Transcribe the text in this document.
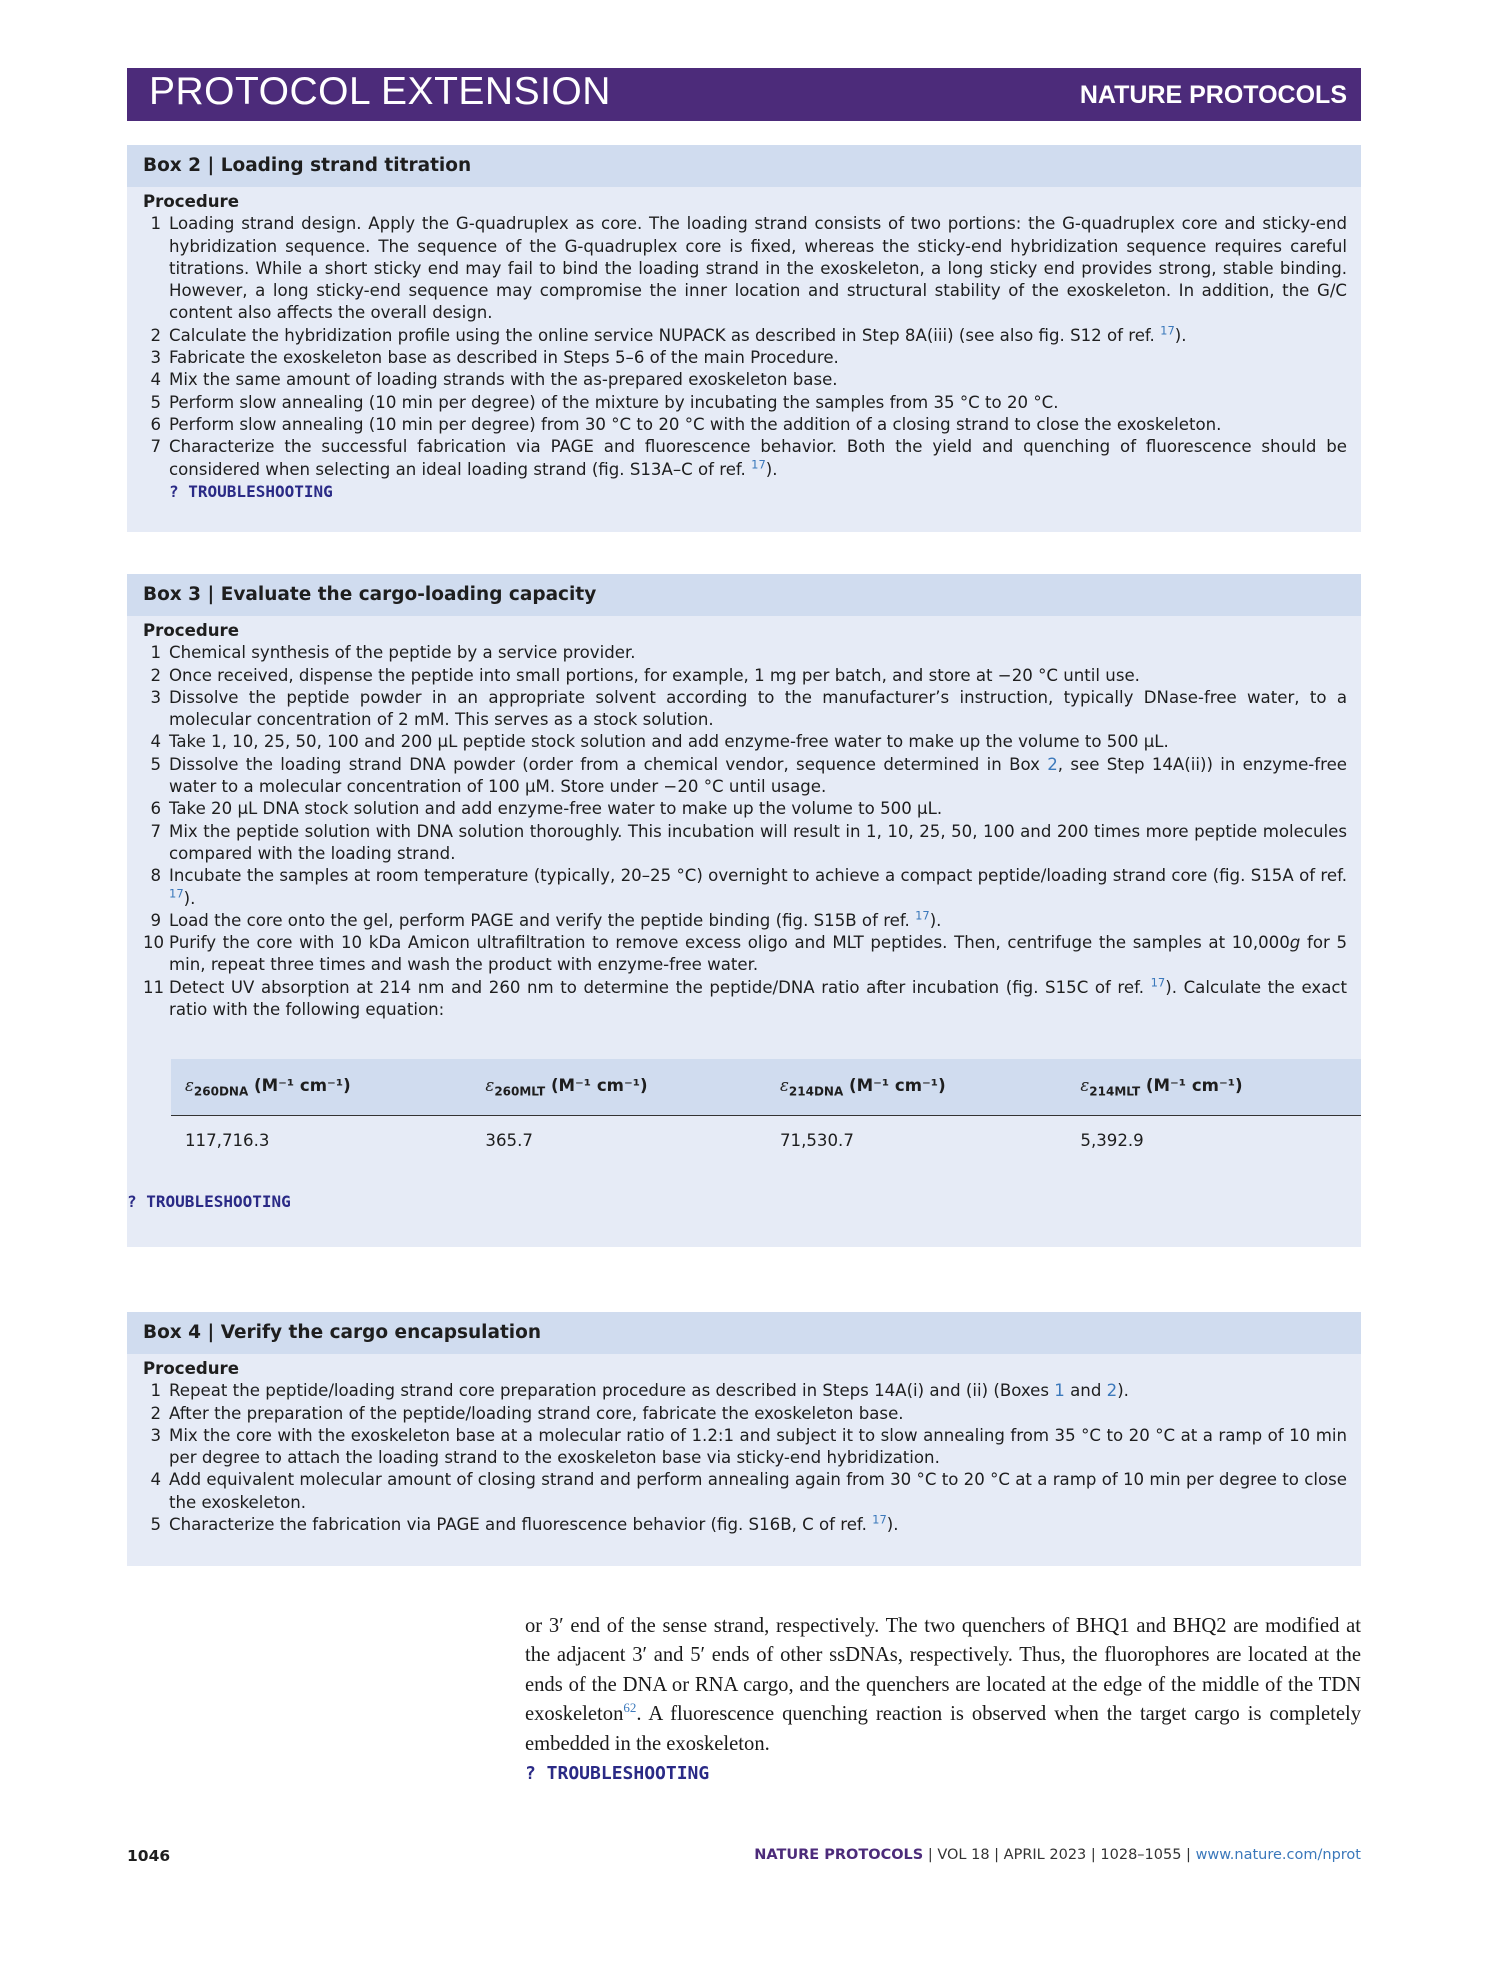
PROTOCOL EXTENSION	NATURE PROTOCOLS
Box 2 | Loading strand titration
Procedure
1 Loading strand design. Apply the G-quadruplex as core. The loading strand consists of two portions: the G-quadruplex core and sticky-end hybridization sequence. The sequence of the G-quadruplex core is fixed, whereas the sticky-end hybridization sequence requires careful titrations. While a short sticky end may fail to bind the loading strand in the exoskeleton, a long sticky end provides strong, stable binding. However, a long sticky-end sequence may compromise the inner location and structural stability of the exoskeleton. In addition, the G/C content also affects the overall design.
2 Calculate the hybridization profile using the online service NUPACK as described in Step 8A(iii) (see also fig. S12 of ref. $^{17}$).
3 Fabricate the exoskeleton base as described in Steps 5–6 of the main Procedure.
4 Mix the same amount of loading strands with the as-prepared exoskeleton base.
5 Perform slow annealing (10 min per degree) of the mixture by incubating the samples from 35 °C to 20 °C.
6 Perform slow annealing (10 min per degree) from 30 °C to 20 °C with the addition of a closing strand to close the exoskeleton.
7 Characterize the successful fabrication via PAGE and fluorescence behavior. Both the yield and quenching of fluorescence should be considered when selecting an ideal loading strand (fig. S13A–C of ref. $^{17}$).
? TROUBLESHOOTING
Box 3 | Evaluate the cargo-loading capacity
Procedure
1 Chemical synthesis of the peptide by a service provider.
2 Once received, dispense the peptide into small portions, for example, 1 mg per batch, and store at −20 °C until use.
3 Dissolve the peptide powder in an appropriate solvent according to the manufacturer’s instruction, typically DNase-free water, to a molecular concentration of 2 mM. This serves as a stock solution.
4 Take 1, 10, 25, 50, 100 and 200 µL peptide stock solution and add enzyme-free water to make up the volume to 500 µL.
5 Dissolve the loading strand DNA powder (order from a chemical vendor, sequence determined in Box 2, see Step 14A(ii)) in enzyme-free water to a molecular concentration of 100 µM. Store under −20 °C until usage.
6 Take 20 µL DNA stock solution and add enzyme-free water to make up the volume to 500 µL.
7 Mix the peptide solution with DNA solution thoroughly. This incubation will result in 1, 10, 25, 50, 100 and 200 times more peptide molecules compared with the loading strand.
8 Incubate the samples at room temperature (typically, 20–25 °C) overnight to achieve a compact peptide/loading strand core (fig. S15A of ref. $^{17}$).
9 Load the core onto the gel, perform PAGE and verify the peptide binding (fig. S15B of ref. $^{17}$).
10 Purify the core with 10 kDa Amicon ultrafiltration to remove excess oligo and MLT peptides. Then, centrifuge the samples at 10,000g for 5 min, repeat three times and wash the product with enzyme-free water.
11 Detect UV absorption at 214 nm and 260 nm to determine the peptide/DNA ratio after incubation (fig. S15C of ref. $^{17}$). Calculate the exact ratio with the following equation:
$\varepsilon_{260DNA}$ (M⁻¹ cm⁻¹)	$\varepsilon_{260MLT}$ (M⁻¹ cm⁻¹)	$\varepsilon_{214DNA}$ (M⁻¹ cm⁻¹)	$\varepsilon_{214MLT}$ (M⁻¹ cm⁻¹)
117,716.3	365.7	71,530.7	5,392.9
? TROUBLESHOOTING
Box 4 | Verify the cargo encapsulation
Procedure
1 Repeat the peptide/loading strand core preparation procedure as described in Steps 14A(i) and (ii) (Boxes 1 and 2).
2 After the preparation of the peptide/loading strand core, fabricate the exoskeleton base.
3 Mix the core with the exoskeleton base at a molecular ratio of 1.2:1 and subject it to slow annealing from 35 °C to 20 °C at a ramp of 10 min per degree to attach the loading strand to the exoskeleton base via sticky-end hybridization.
4 Add equivalent molecular amount of closing strand and perform annealing again from 30 °C to 20 °C at a ramp of 10 min per degree to close the exoskeleton.
5 Characterize the fabrication via PAGE and fluorescence behavior (fig. S16B, C of ref. $^{17}$).
or 3′ end of the sense strand, respectively. The two quenchers of BHQ1 and BHQ2 are modified at the adjacent 3′ and 5′ ends of other ssDNAs, respectively. Thus, the fluorophores are located at the ends of the DNA or RNA cargo, and the quenchers are located at the edge of the middle of the TDN exoskeleton$^{62}$. A fluorescence quenching reaction is observed when the target cargo is completely embedded in the exoskeleton.
? TROUBLESHOOTING
1046	NATURE PROTOCOLS | VOL 18 | APRIL 2023 | 1028–1055 | www.nature.com/nprot
